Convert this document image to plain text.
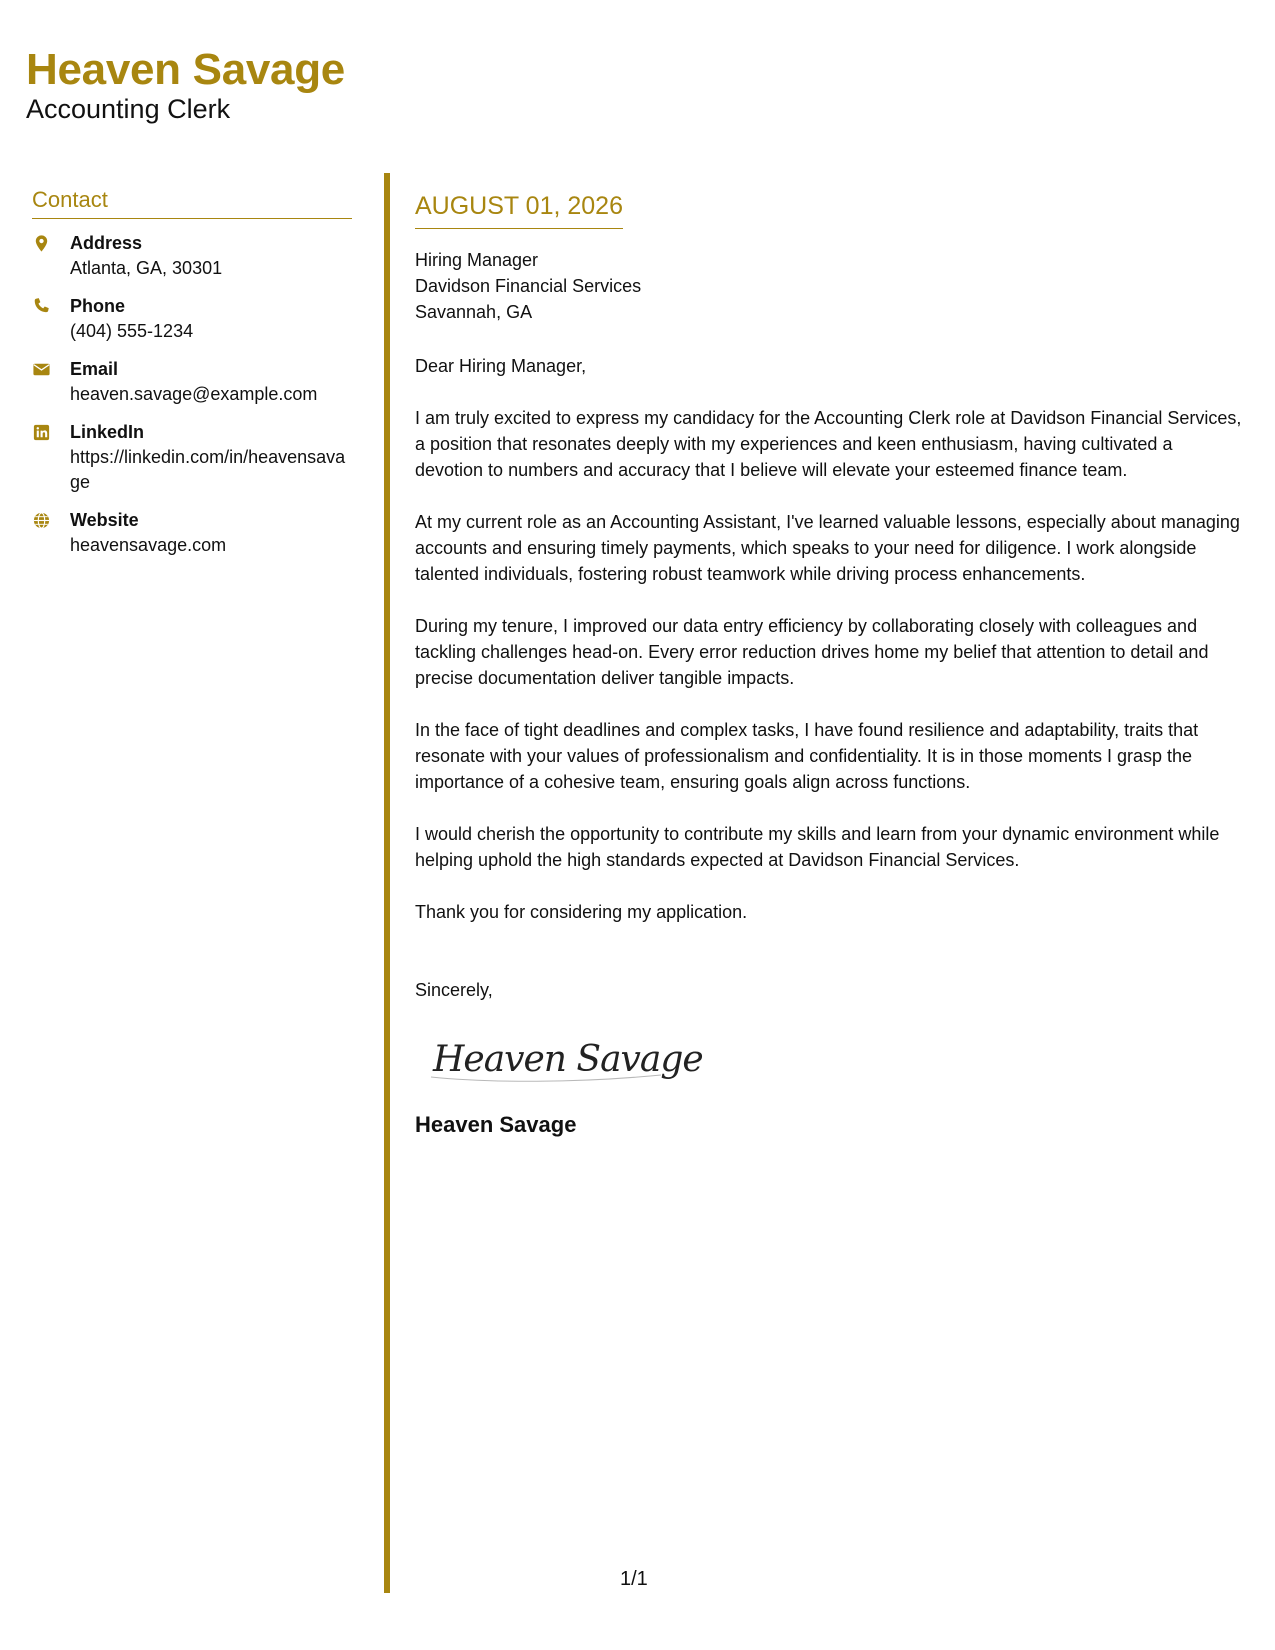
Heaven Savage
Accounting Clerk
Contact
Address
Atlanta, GA, 30301
Phone
(404) 555-1234
Email
heaven.savage@example.com
LinkedIn
https://linkedin.com/in/heavensavage
Website
heavensavage.com
AUGUST 01, 2026
Hiring Manager
Davidson Financial Services
Savannah, GA
Dear Hiring Manager,
I am truly excited to express my candidacy for the Accounting Clerk role at Davidson Financial Services, a position that resonates deeply with my experiences and keen enthusiasm, having cultivated a devotion to numbers and accuracy that I believe will elevate your esteemed finance team.
At my current role as an Accounting Assistant, I've learned valuable lessons, especially about managing accounts and ensuring timely payments, which speaks to your need for diligence. I work alongside talented individuals, fostering robust teamwork while driving process enhancements.
During my tenure, I improved our data entry efficiency by collaborating closely with colleagues and tackling challenges head-on. Every error reduction drives home my belief that attention to detail and precise documentation deliver tangible impacts.
In the face of tight deadlines and complex tasks, I have found resilience and adaptability, traits that resonate with your values of professionalism and confidentiality. It is in those moments I grasp the importance of a cohesive team, ensuring goals align across functions.
I would cherish the opportunity to contribute my skills and learn from your dynamic environment while helping uphold the high standards expected at Davidson Financial Services.
Thank you for considering my application.
Sincerely,
Heaven Savage
Heaven Savage
1/1
